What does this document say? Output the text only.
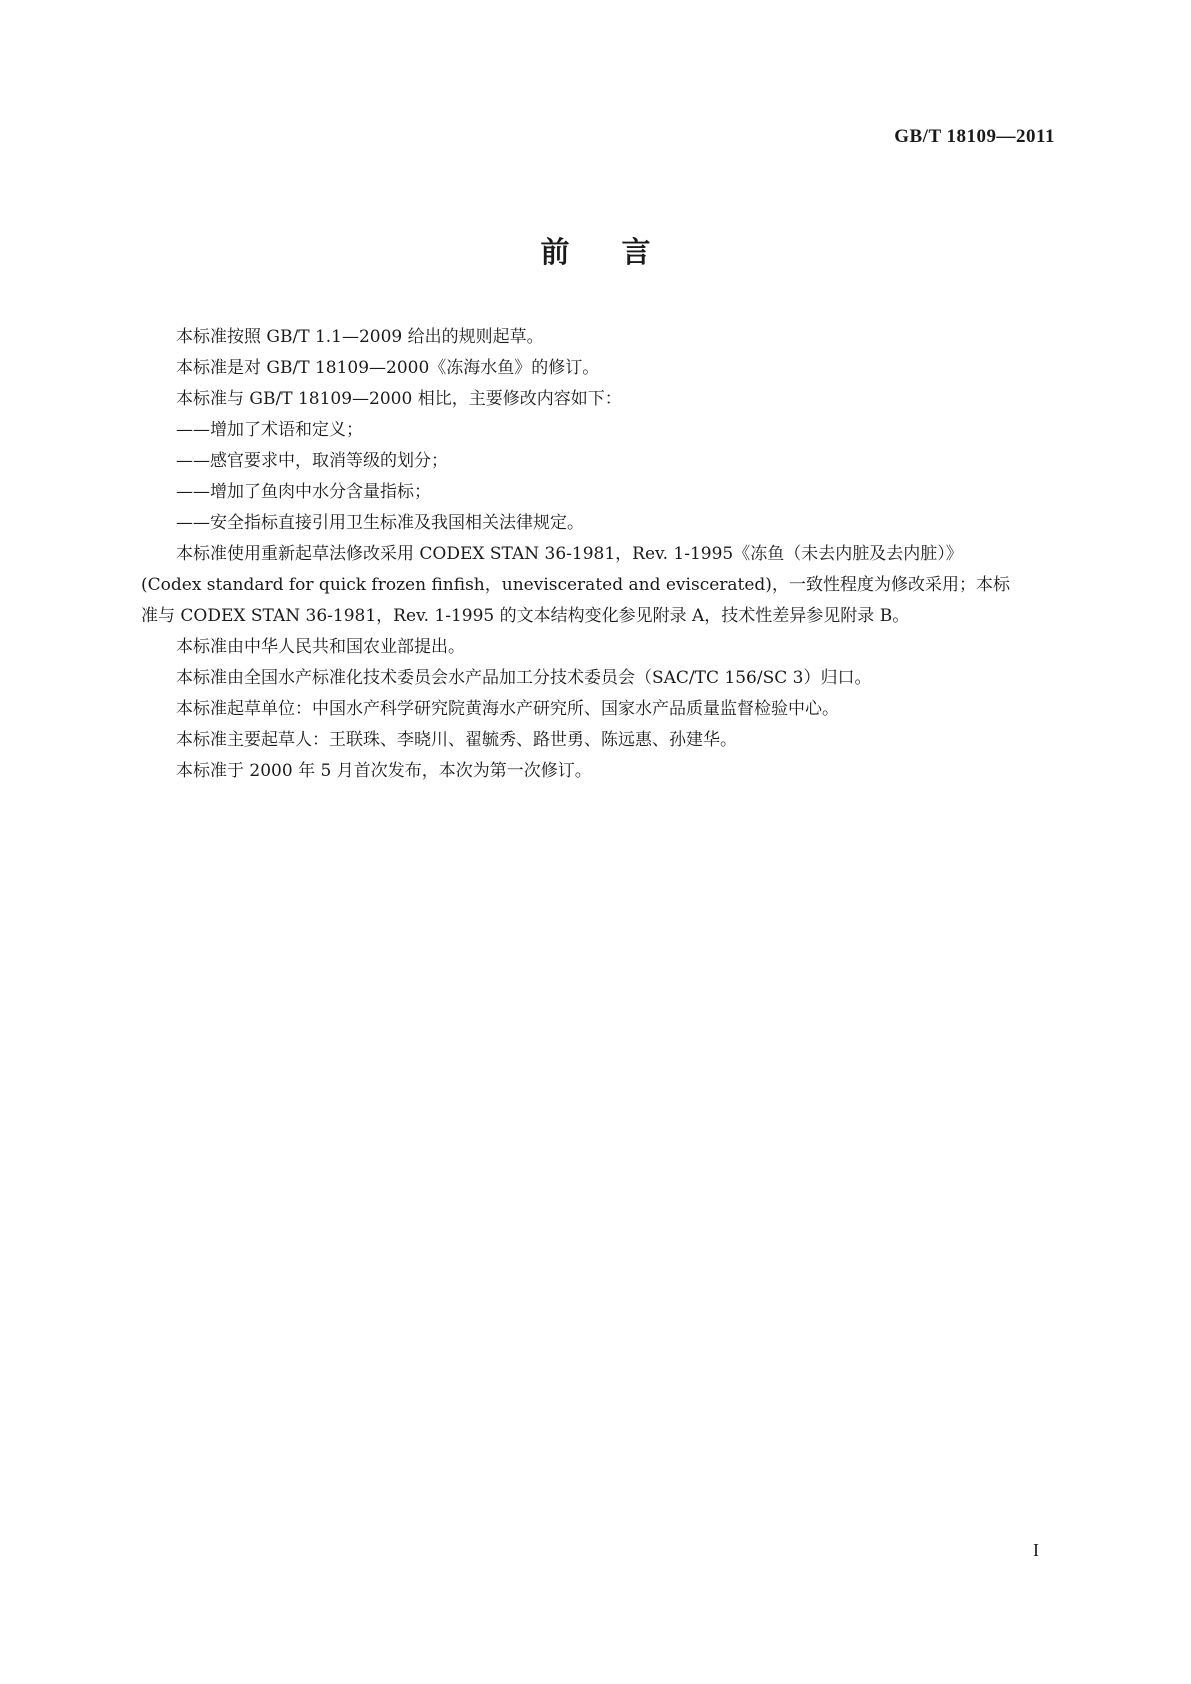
GB/T 18109—2011
前言
本标准按照 GB/T 1.1—2009 给出的规则起草。
本标准是对 GB/T 18109—2000《冻海水鱼》的修订。
本标准与 GB/T 18109—2000 相比，主要修改内容如下：
——增加了术语和定义；
——感官要求中，取消等级的划分；
——增加了鱼肉中水分含量指标；
——安全指标直接引用卫生标准及我国相关法律规定。
本标准使用重新起草法修改采用 CODEX STAN 36-1981，Rev. 1-1995《冻鱼（未去内脏及去内脏）》
(Codex standard for quick frozen finfish，uneviscerated and eviscerated)，一致性程度为修改采用；本标
准与 CODEX STAN 36-1981，Rev. 1-1995 的文本结构变化参见附录 A，技术性差异参见附录 B。
本标准由中华人民共和国农业部提出。
本标准由全国水产标准化技术委员会水产品加工分技术委员会（SAC/TC 156/SC 3）归口。
本标准起草单位：中国水产科学研究院黄海水产研究所、国家水产品质量监督检验中心。
本标准主要起草人：王联珠、李晓川、翟毓秀、路世勇、陈远惠、孙建华。
本标准于 2000 年 5 月首次发布，本次为第一次修订。
I
